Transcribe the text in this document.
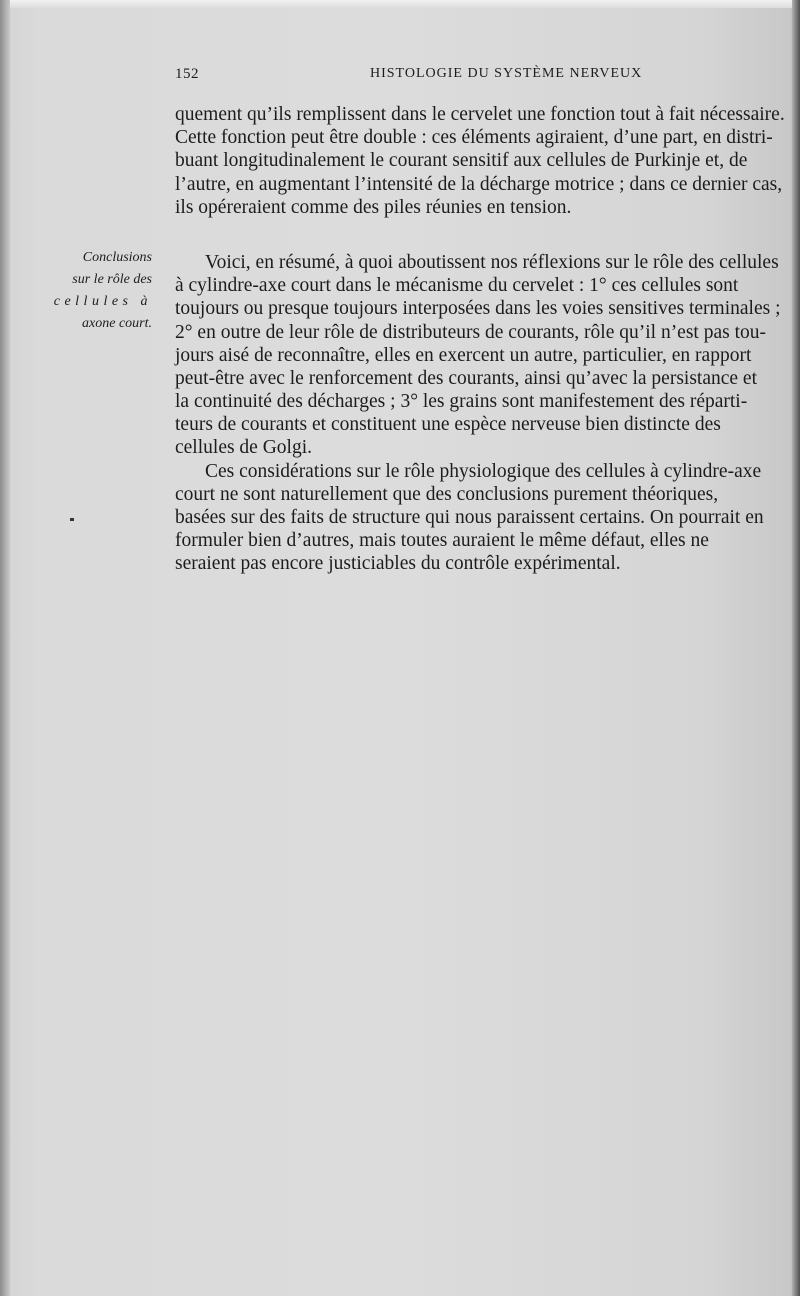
152	HISTOLOGIE DU SYSTÈME NERVEUX
Conclusions
sur le rôle des
cellules à
axone court.
quement qu’ils remplissent dans le cervelet une fonction tout à fait nécessaire.
Cette fonction peut être double : ces éléments agiraient, d’une part, en distri-
buant longitudinalement le courant sensitif aux cellules de Purkinje et, de
l’autre, en augmentant l’intensité de la décharge motrice ; dans ce dernier cas,
ils opéreraient comme des piles réunies en tension.
Voici, en résumé, à quoi aboutissent nos réflexions sur le rôle des cellules
à cylindre-axe court dans le mécanisme du cervelet : 1° ces cellules sont
toujours ou presque toujours interposées dans les voies sensitives terminales ;
2° en outre de leur rôle de distributeurs de courants, rôle qu’il n’est pas tou-
jours aisé de reconnaître, elles en exercent un autre, particulier, en rapport
peut-être avec le renforcement des courants, ainsi qu’avec la persistance et
la continuité des décharges ; 3° les grains sont manifestement des réparti-
teurs de courants et constituent une espèce nerveuse bien distincte des
cellules de Golgi.
Ces considérations sur le rôle physiologique des cellules à cylindre-axe
court ne sont naturellement que des conclusions purement théoriques,
basées sur des faits de structure qui nous paraissent certains. On pourrait en
formuler bien d’autres, mais toutes auraient le même défaut, elles ne
seraient pas encore justiciables du contrôle expérimental.
